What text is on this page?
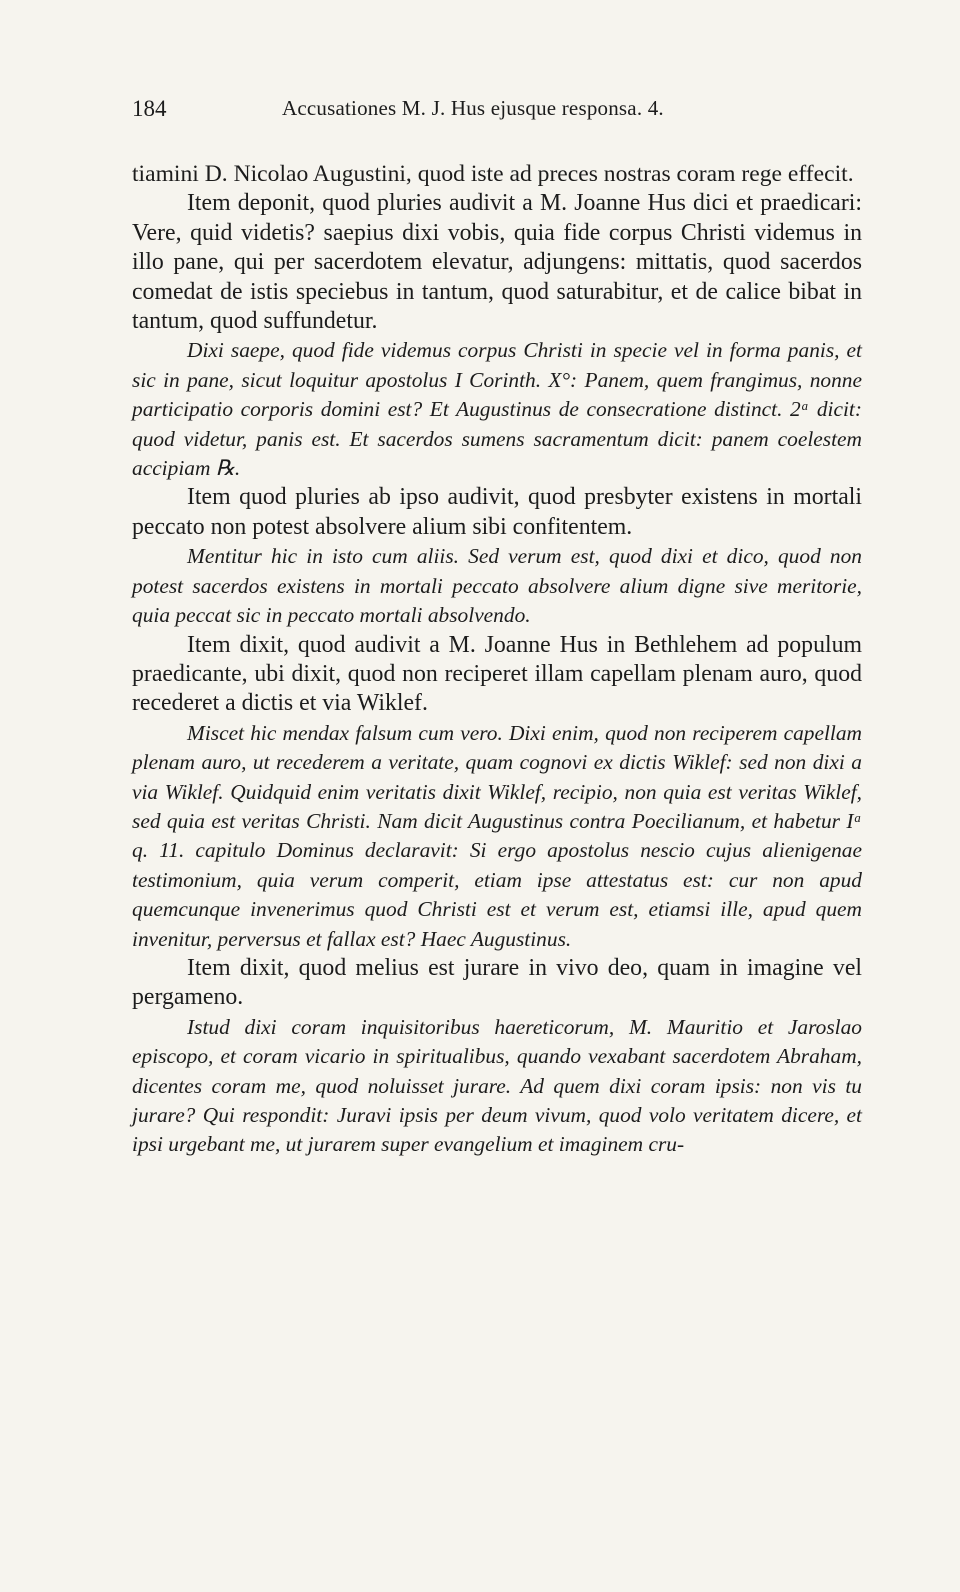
184	Accusationes M. J. Hus ejusque responsa. 4.

tiamini D. Nicolao Augustini, quod iste ad preces nostras coram rege effecit.

Item deponit, quod pluries audivit a M. Joanne Hus dici et praedicari: Vere, quid videtis? saepius dixi vobis, quia fide corpus Christi videmus in illo pane, qui per sacerdotem elevatur, adjungens: mittatis, quod sacerdos comedat de istis speciebus in tantum, quod saturabitur, et de calice bibat in tantum, quod suffundetur.

Dixi saepe, quod fide videmus corpus Christi in specie vel in forma panis, et sic in pane, sicut loquitur apostolus I Corinth. X°: Panem, quem frangimus, nonne participatio corporis domini est? Et Augustinus de consecratione distinct. 2ᵃ dicit: quod videtur, panis est. Et sacerdos sumens sacramentum dicit: panem coelestem accipiam ℞.

Item quod pluries ab ipso audivit, quod presbyter existens in mortali peccato non potest absolvere alium sibi confitentem.

Mentitur hic in isto cum aliis. Sed verum est, quod dixi et dico, quod non potest sacerdos existens in mortali peccato absolvere alium digne sive meritorie, quia peccat sic in peccato mortali absolvendo.

Item dixit, quod audivit a M. Joanne Hus in Bethlehem ad populum praedicante, ubi dixit, quod non reciperet illam capellam plenam auro, quod recederet a dictis et via Wiklef.

Miscet hic mendax falsum cum vero. Dixi enim, quod non reciperem capellam plenam auro, ut recederem a veritate, quam cognovi ex dictis Wiklef: sed non dixi a via Wiklef. Quidquid enim veritatis dixit Wiklef, recipio, non quia est veritas Wiklef, sed quia est veritas Christi. Nam dicit Augustinus contra Poecilianum, et habetur Iᵃ q. 11. capitulo Dominus declaravit: Si ergo apostolus nescio cujus alienigenae testimonium, quia verum comperit, etiam ipse attestatus est: cur non apud quemcunque invenerimus quod Christi est et verum est, etiamsi ille, apud quem invenitur, perversus et fallax est? Haec Augustinus.

Item dixit, quod melius est jurare in vivo deo, quam in imagine vel pergameno.

Istud dixi coram inquisitoribus haereticorum, M. Mauritio et Jaroslao episcopo, et coram vicario in spiritualibus, quando vexabant sacerdotem Abraham, dicentes coram me, quod noluisset jurare. Ad quem dixi coram ipsis: non vis tu jurare? Qui respondit: Juravi ipsis per deum vivum, quod volo veritatem dicere, et ipsi urgebant me, ut jurarem super evangelium et imaginem cru-
